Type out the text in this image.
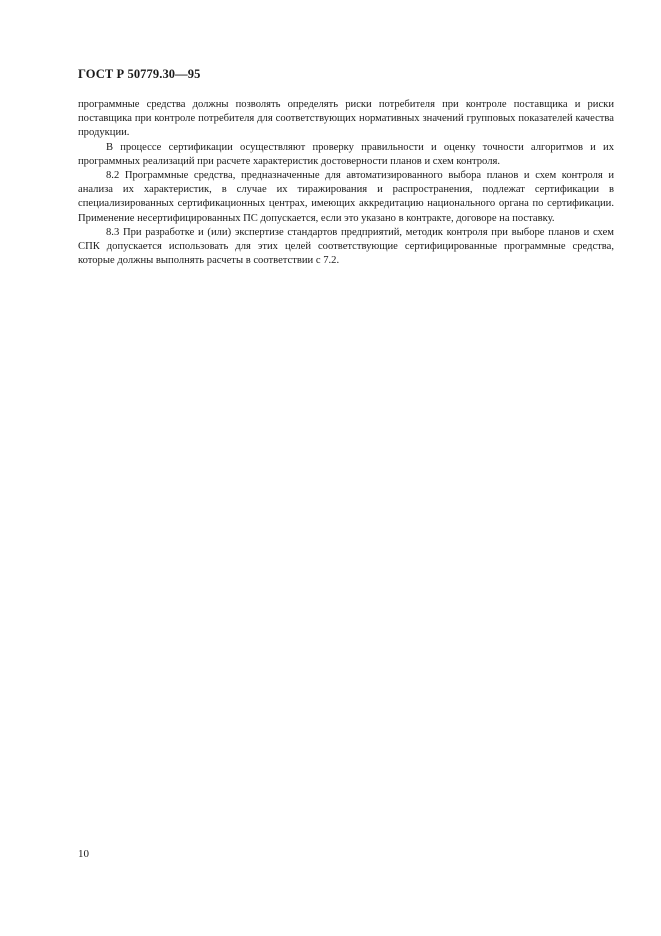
ГОСТ Р 50779.30—95

программные средства должны позволять определять риски потребителя при контроле поставщика и риски поставщика при контроле потребителя для соответствующих нормативных значений групповых показателей качества продукции.

В процессе сертификации осуществляют проверку правильности и оценку точности алгоритмов и их программных реализаций при расчете характеристик достоверности планов и схем контроля.

8.2 Программные средства, предназначенные для автоматизированного выбора планов и схем контроля и анализа их характеристик, в случае их тиражирования и распространения, подлежат сертификации в специализированных сертификационных центрах, имеющих аккредитацию национального органа по сертификации. Применение несертифицированных ПС допускается, если это указано в контракте, договоре на поставку.

8.3 При разработке и (или) экспертизе стандартов предприятий, методик контроля при выборе планов и схем СПК допускается использовать для этих целей соответствующие сертифицированные программные средства, которые должны выполнять расчеты в соответствии с 7.2.

10
